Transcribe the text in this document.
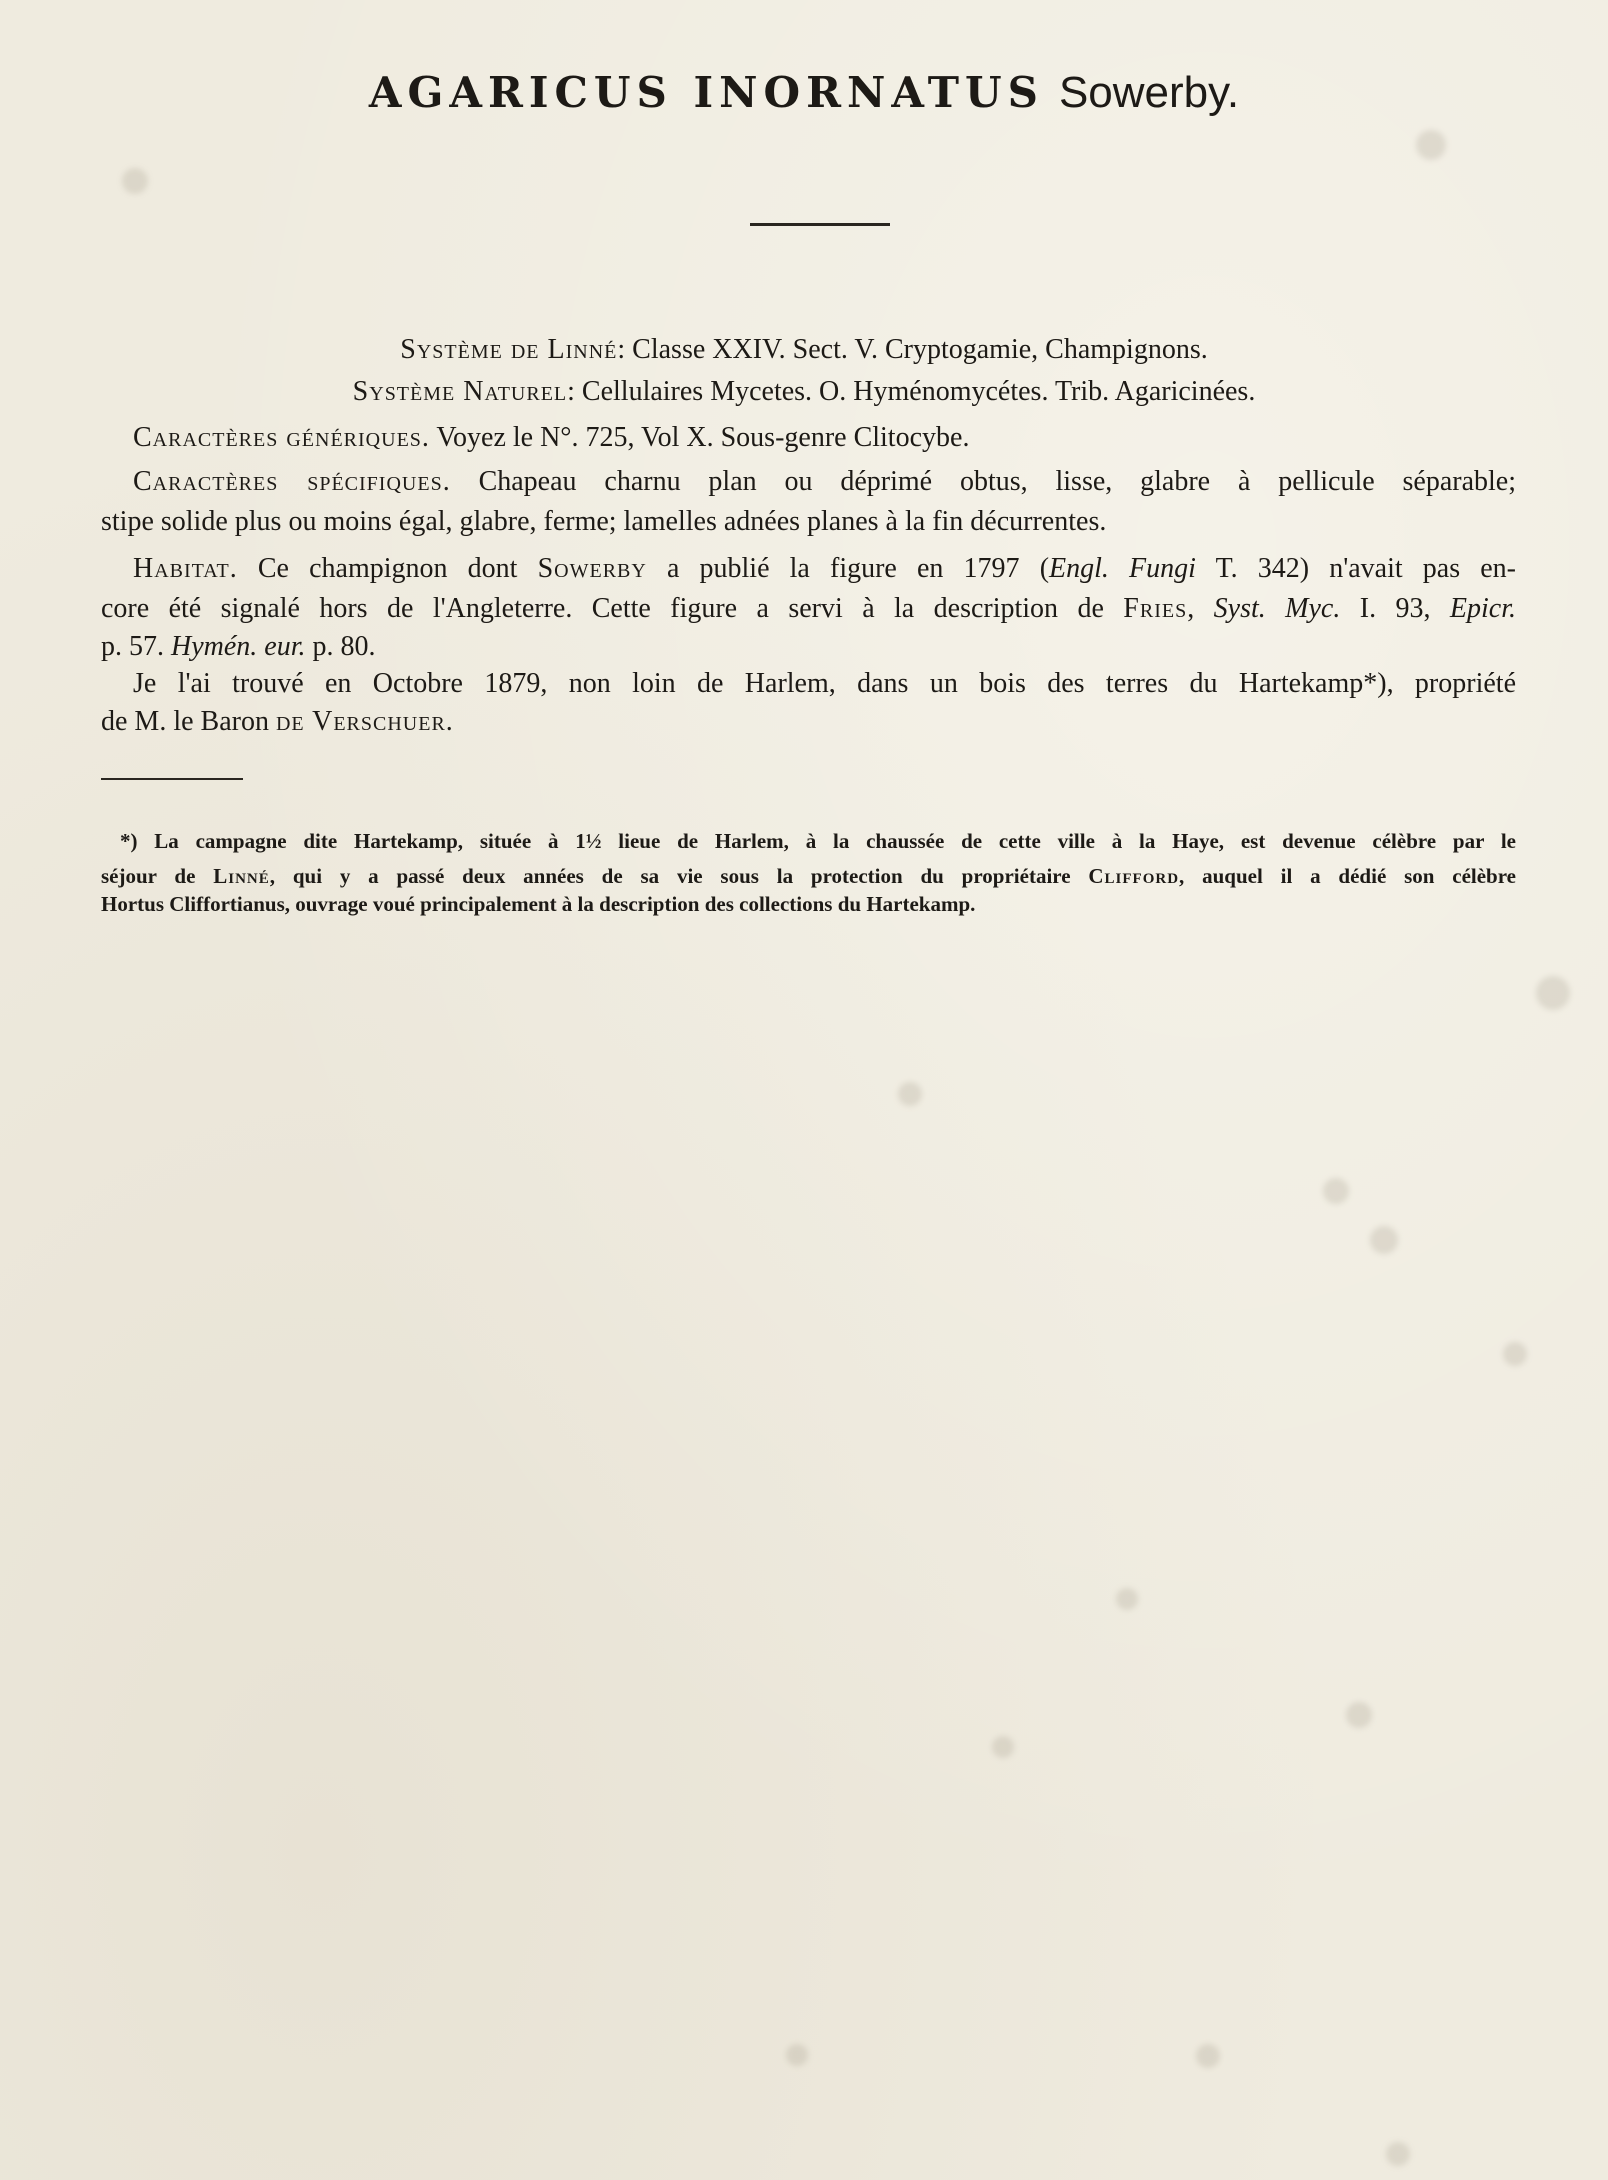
AGARICUS INORNATUS Sowerby.
Système de Linné: Classe XXIV. Sect. V. Cryptogamie, Champignons.
Système Naturel: Cellulaires Mycetes. O. Hyménomycétes. Trib. Agaricinées.
Caractères génériques. Voyez le N°. 725, Vol X. Sous-genre Clitocybe.
Caractères spécifiques. Chapeau charnu plan ou déprimé obtus, lisse, glabre à pellicule séparable;
stipe solide plus ou moins égal, glabre, ferme; lamelles adnées planes à la fin décurrentes.
Habitat. Ce champignon dont Sowerby a publié la figure en 1797 (Engl. Fungi T. 342) n'avait pas en-
core été signalé hors de l'Angleterre. Cette figure a servi à la description de Fries, Syst. Myc. I. 93, Epicr.
p. 57. Hymén. eur. p. 80.
Je l'ai trouvé en Octobre 1879, non loin de Harlem, dans un bois des terres du Hartekamp*), propriété
de M. le Baron de Verschuer.
*) La campagne dite Hartekamp, située à 1½ lieue de Harlem, à la chaussée de cette ville à la Haye, est devenue célèbre par le
séjour de Linné, qui y a passé deux années de sa vie sous la protection du propriétaire Clifford, auquel il a dédié son célèbre
Hortus Cliffortianus, ouvrage voué principalement à la description des collections du Hartekamp.
